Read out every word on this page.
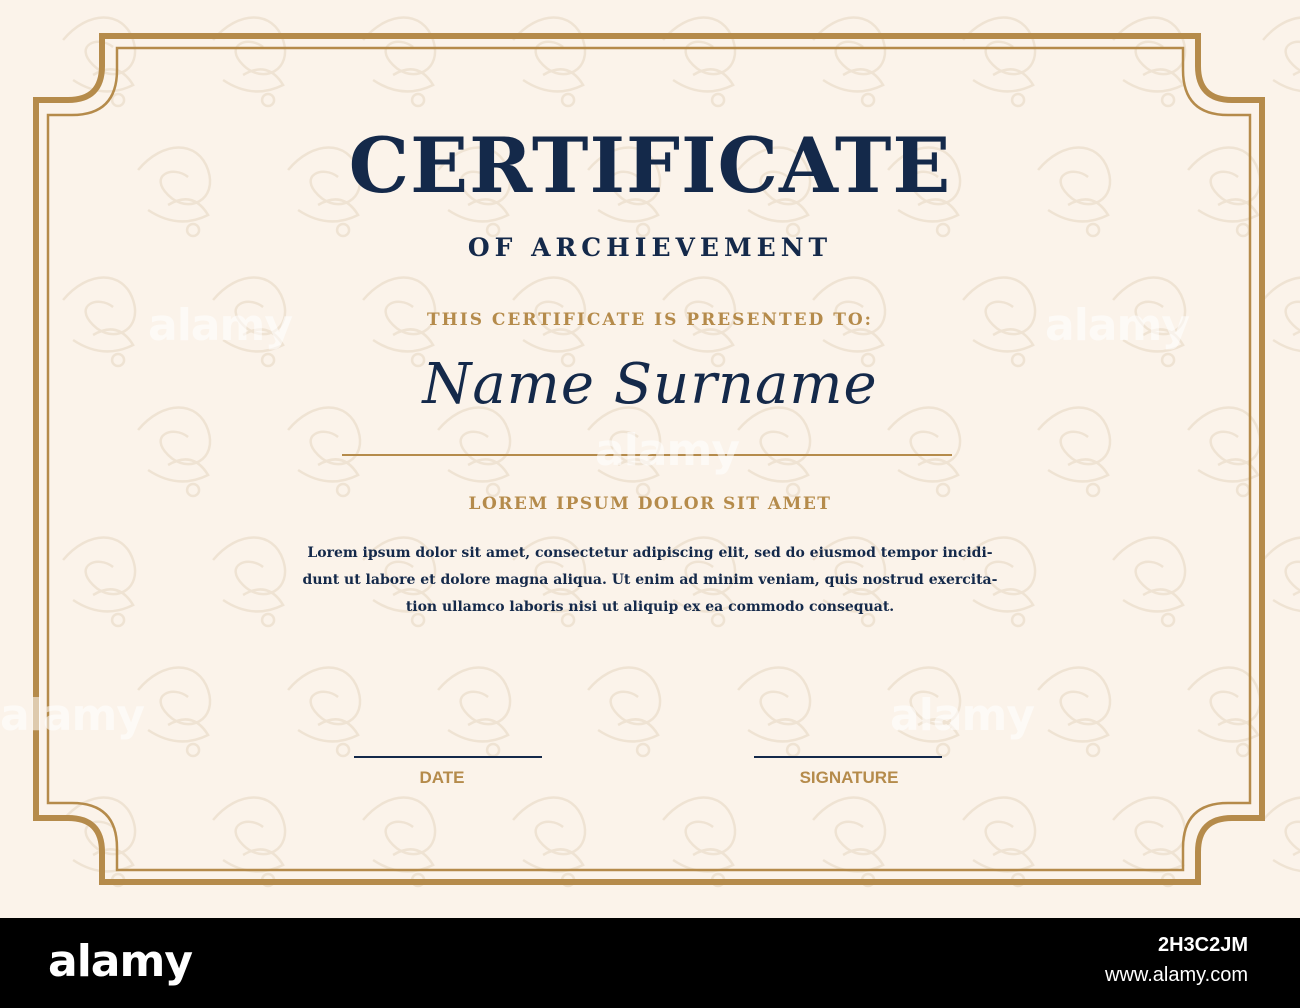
CERTIFICATE
OF ARCHIEVEMENT
THIS CERTIFICATE IS PRESENTED TO:
Name Surname
LOREM IPSUM DOLOR SIT AMET
Lorem ipsum dolor sit amet, consectetur adipiscing elit, sed do eiusmod tempor incidi-
dunt ut labore et dolore magna aliqua. Ut enim ad minim veniam, quis nostrud exercita-
tion ullamco laboris nisi ut aliquip ex ea commodo consequat.
DATE	SIGNATURE
alamy	alamy
alamy
alamy	alamy
alamy	2H3C2JM
www.alamy.com
